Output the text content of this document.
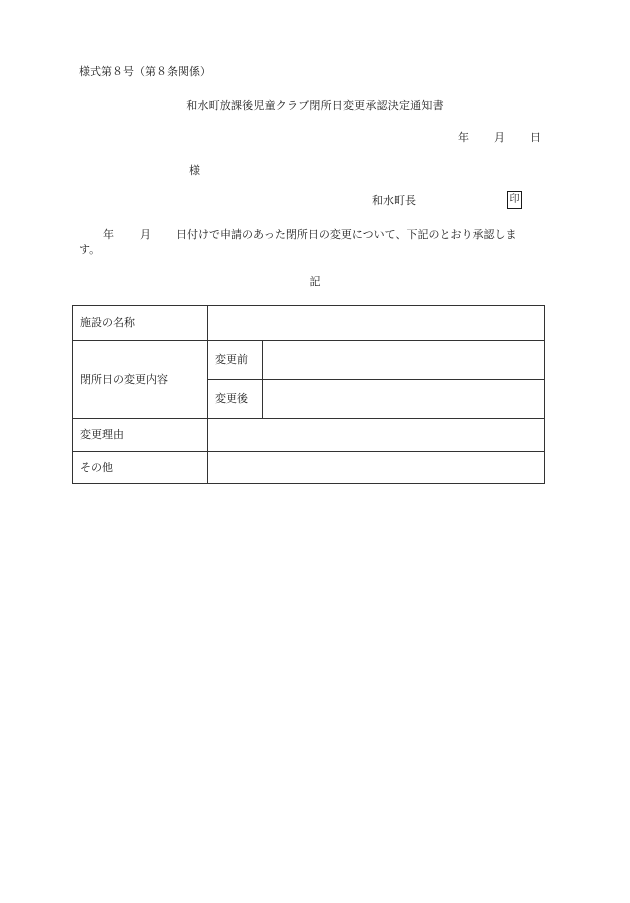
様式第８号（第８条関係）
和水町放課後児童クラブ閉所日変更承認決定通知書
年 月 日
様
和水町長	印
年 月 日付けで申請のあった閉所日の変更について、下記のとおり承認しま
す。
記
施設の名称		
閉所日の変更内容	変更前	
	変更後	
変更理由		
その他		
